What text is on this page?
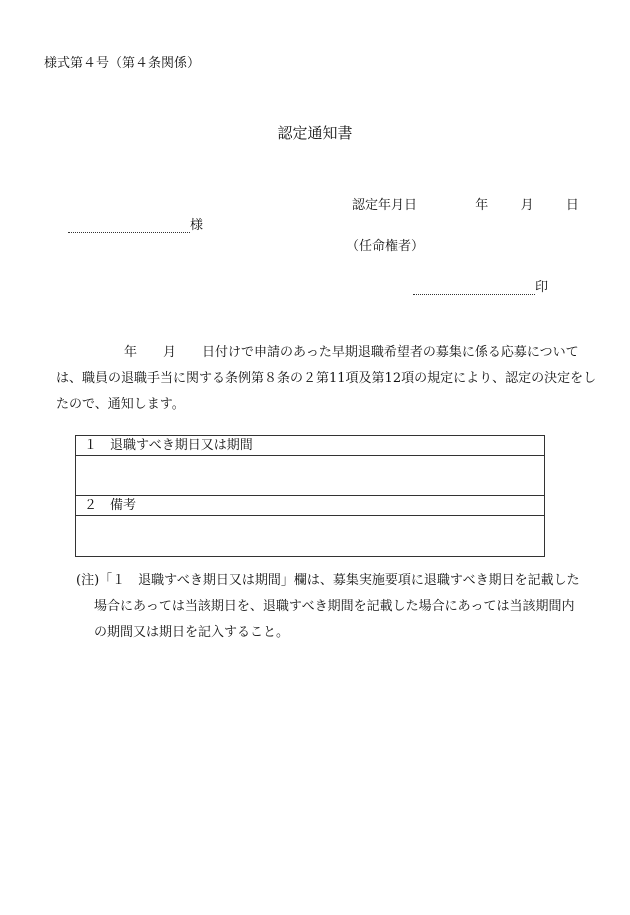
様式第４号（第４条関係）
認定通知書
認定年月日	年 月 日
様
（任命権者）
印
年 月 日付けで申請のあった早期退職希望者の募集に係る応募について
は、職員の退職手当に関する条例第８条の２第11項及第12項の規定により、認定の決定をし
たので、通知します。
１　退職すべき期日又は期間
２　備考
(注)「１　退職すべき期日又は期間」欄は、募集実施要項に退職すべき期日を記載した
場合にあっては当該期日を、退職すべき期間を記載した場合にあっては当該期間内
の期間又は期日を記入すること。
